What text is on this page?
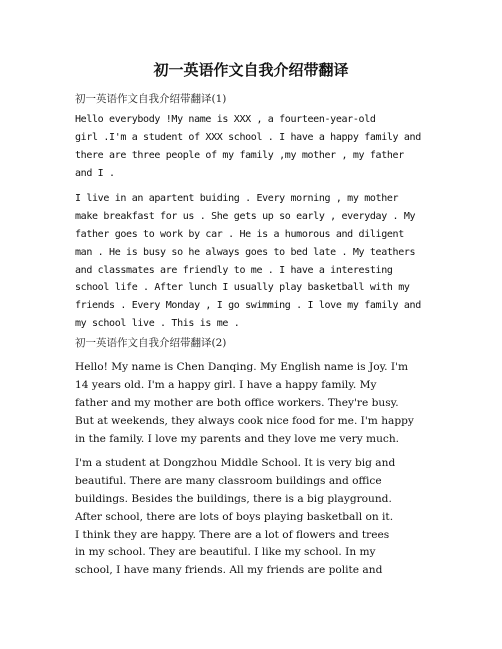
初一英语作文自我介绍带翻译
初一英语作文自我介绍带翻译(1)
Hello everybody !My name is XXX , a fourteen-year-old
girl .I'm a student of XXX school . I have a happy family and
there are three people of my family ,my mother , my father
and I .
I live in an apartent buiding . Every morning , my mother
make breakfast for us . She gets up so early , everyday . My
father goes to work by car . He is a humorous and diligent
man . He is busy so he always goes to bed late . My teathers
and classmates are friendly to me . I have a interesting
school life . After lunch I usually play basketball with my
friends . Every Monday , I go swimming . I love my family and
my school live . This is me .
初一英语作文自我介绍带翻译(2)
Hello! My name is Chen Danqing. My English name is Joy. I'm
14 years old. I'm a happy girl. I have a happy family. My
father and my mother are both office workers. They're busy.
But at weekends, they always cook nice food for me. I'm happy
in the family. I love my parents and they love me very much.
I'm a student at Dongzhou Middle School. It is very big and
beautiful. There are many classroom buildings and office
buildings. Besides the buildings, there is a big playground.
After school, there are lots of boys playing basketball on it.
I think they are happy. There are a lot of flowers and trees
in my school. They are beautiful. I like my school. In my
school, I have many friends. All my friends are polite and
